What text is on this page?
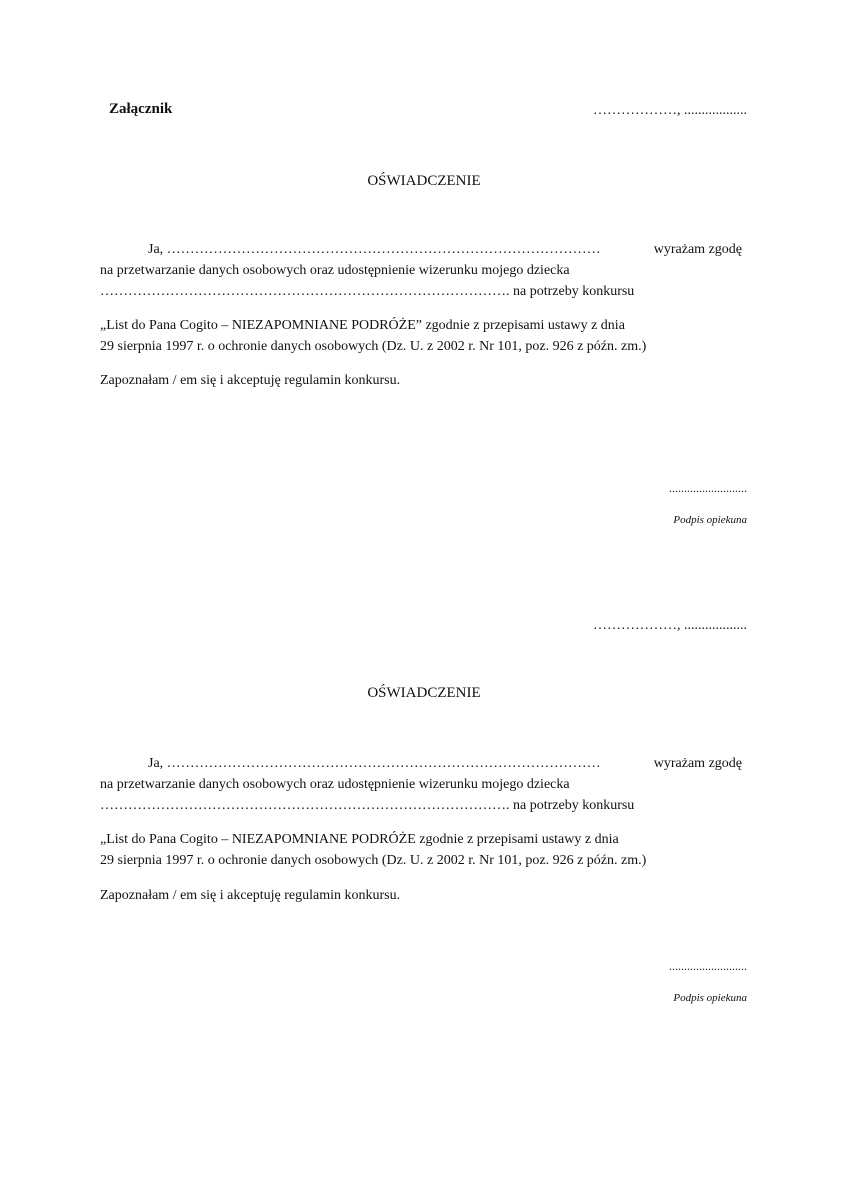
Załącznik	………………, ..................
OŚWIADCZENIE
Ja, …………………………………………………………………………………	wyrażam zgodę
na przetwarzanie danych osobowych oraz udostępnienie wizerunku mojego dziecka
……………………………………………………………………………. na potrzeby konkursu
„List do Pana Cogito – NIEZAPOMNIANE PODRÓŻE” zgodnie z przepisami ustawy z dnia
29 sierpnia 1997 r. o ochronie danych osobowych (Dz. U. z 2002 r. Nr 101, poz. 926 z późn. zm.)
Zapoznałam / em się i akceptuję regulamin konkursu.
..........................
Podpis opiekuna
………………, ..................
OŚWIADCZENIE
Ja, …………………………………………………………………………………	wyrażam zgodę
na przetwarzanie danych osobowych oraz udostępnienie wizerunku mojego dziecka
……………………………………………………………………………. na potrzeby konkursu
„List do Pana Cogito – NIEZAPOMNIANE PODRÓŻE zgodnie z przepisami ustawy z dnia
29 sierpnia 1997 r. o ochronie danych osobowych (Dz. U. z 2002 r. Nr 101, poz. 926 z późn. zm.)
Zapoznałam / em się i akceptuję regulamin konkursu.
..........................
Podpis opiekuna
